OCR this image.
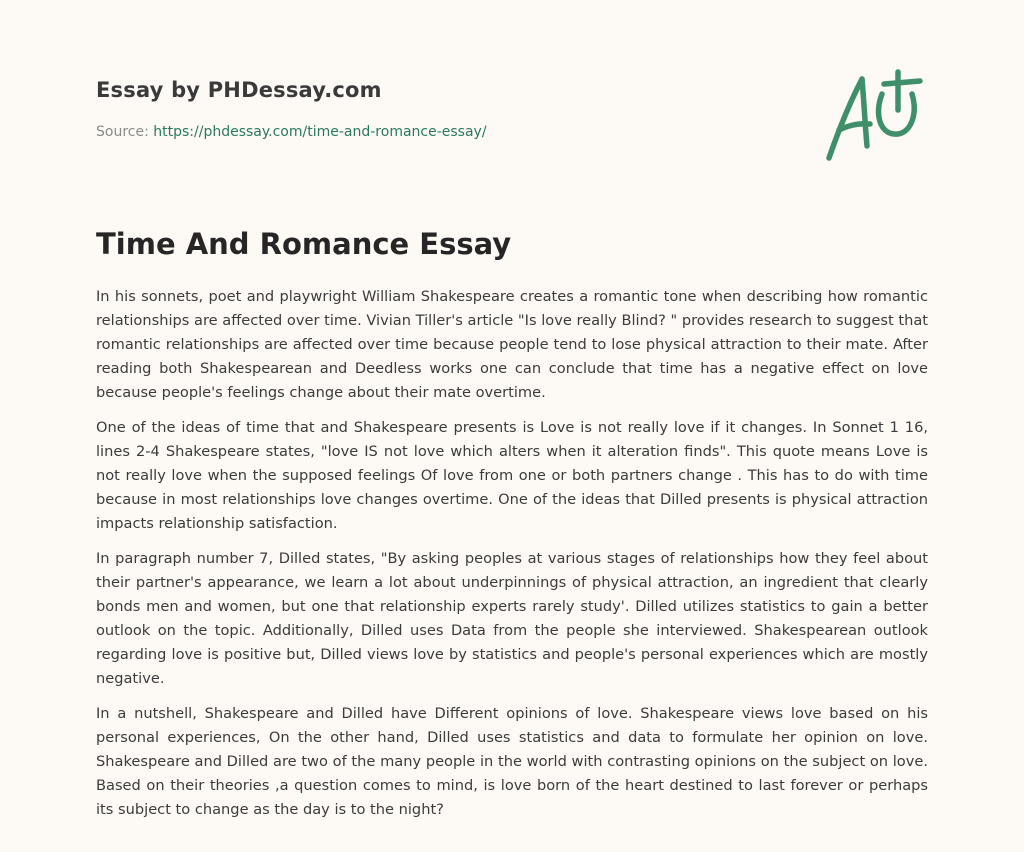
Essay by PHDessay.com
Source: https://phdessay.com/time-and-romance-essay/
Time And Romance Essay

In his sonnets, poet and playwright William Shakespeare creates a romantic tone when describing how romantic relationships are affected over time. Vivian Tiller's article "Is love really Blind? " provides research to suggest that romantic relationships are affected over time because people tend to lose physical attraction to their mate. After reading both Shakespearean and Deedless works one can conclude that time has a negative effect on love because people's feelings change about their mate overtime.

One of the ideas of time that and Shakespeare presents is Love is not really love if it changes. In Sonnet 1 16, lines 2-4 Shakespeare states, "love IS not love which alters when it alteration finds". This quote means Love is not really love when the supposed feelings Of love from one or both partners change . This has to do with time because in most relationships love changes overtime. One of the ideas that Dilled presents is physical attraction impacts relationship satisfaction.

In paragraph number 7, Dilled states, "By asking peoples at various stages of relationships how they feel about their partner's appearance, we learn a lot about underpinnings of physical attraction, an ingredient that clearly bonds men and women, but one that relationship experts rarely study'. Dilled utilizes statistics to gain a better outlook on the topic. Additionally, Dilled uses Data from the people she interviewed. Shakespearean outlook regarding love is positive but, Dilled views love by statistics and people's personal experiences which are mostly negative.

In a nutshell, Shakespeare and Dilled have Different opinions of love. Shakespeare views love based on his personal experiences, On the other hand, Dilled uses statistics and data to formulate her opinion on love. Shakespeare and Dilled are two of the many people in the world with contrasting opinions on the subject on love. Based on their theories ,a question comes to mind, is love born of the heart destined to last forever or perhaps its subject to change as the day is to the night?
